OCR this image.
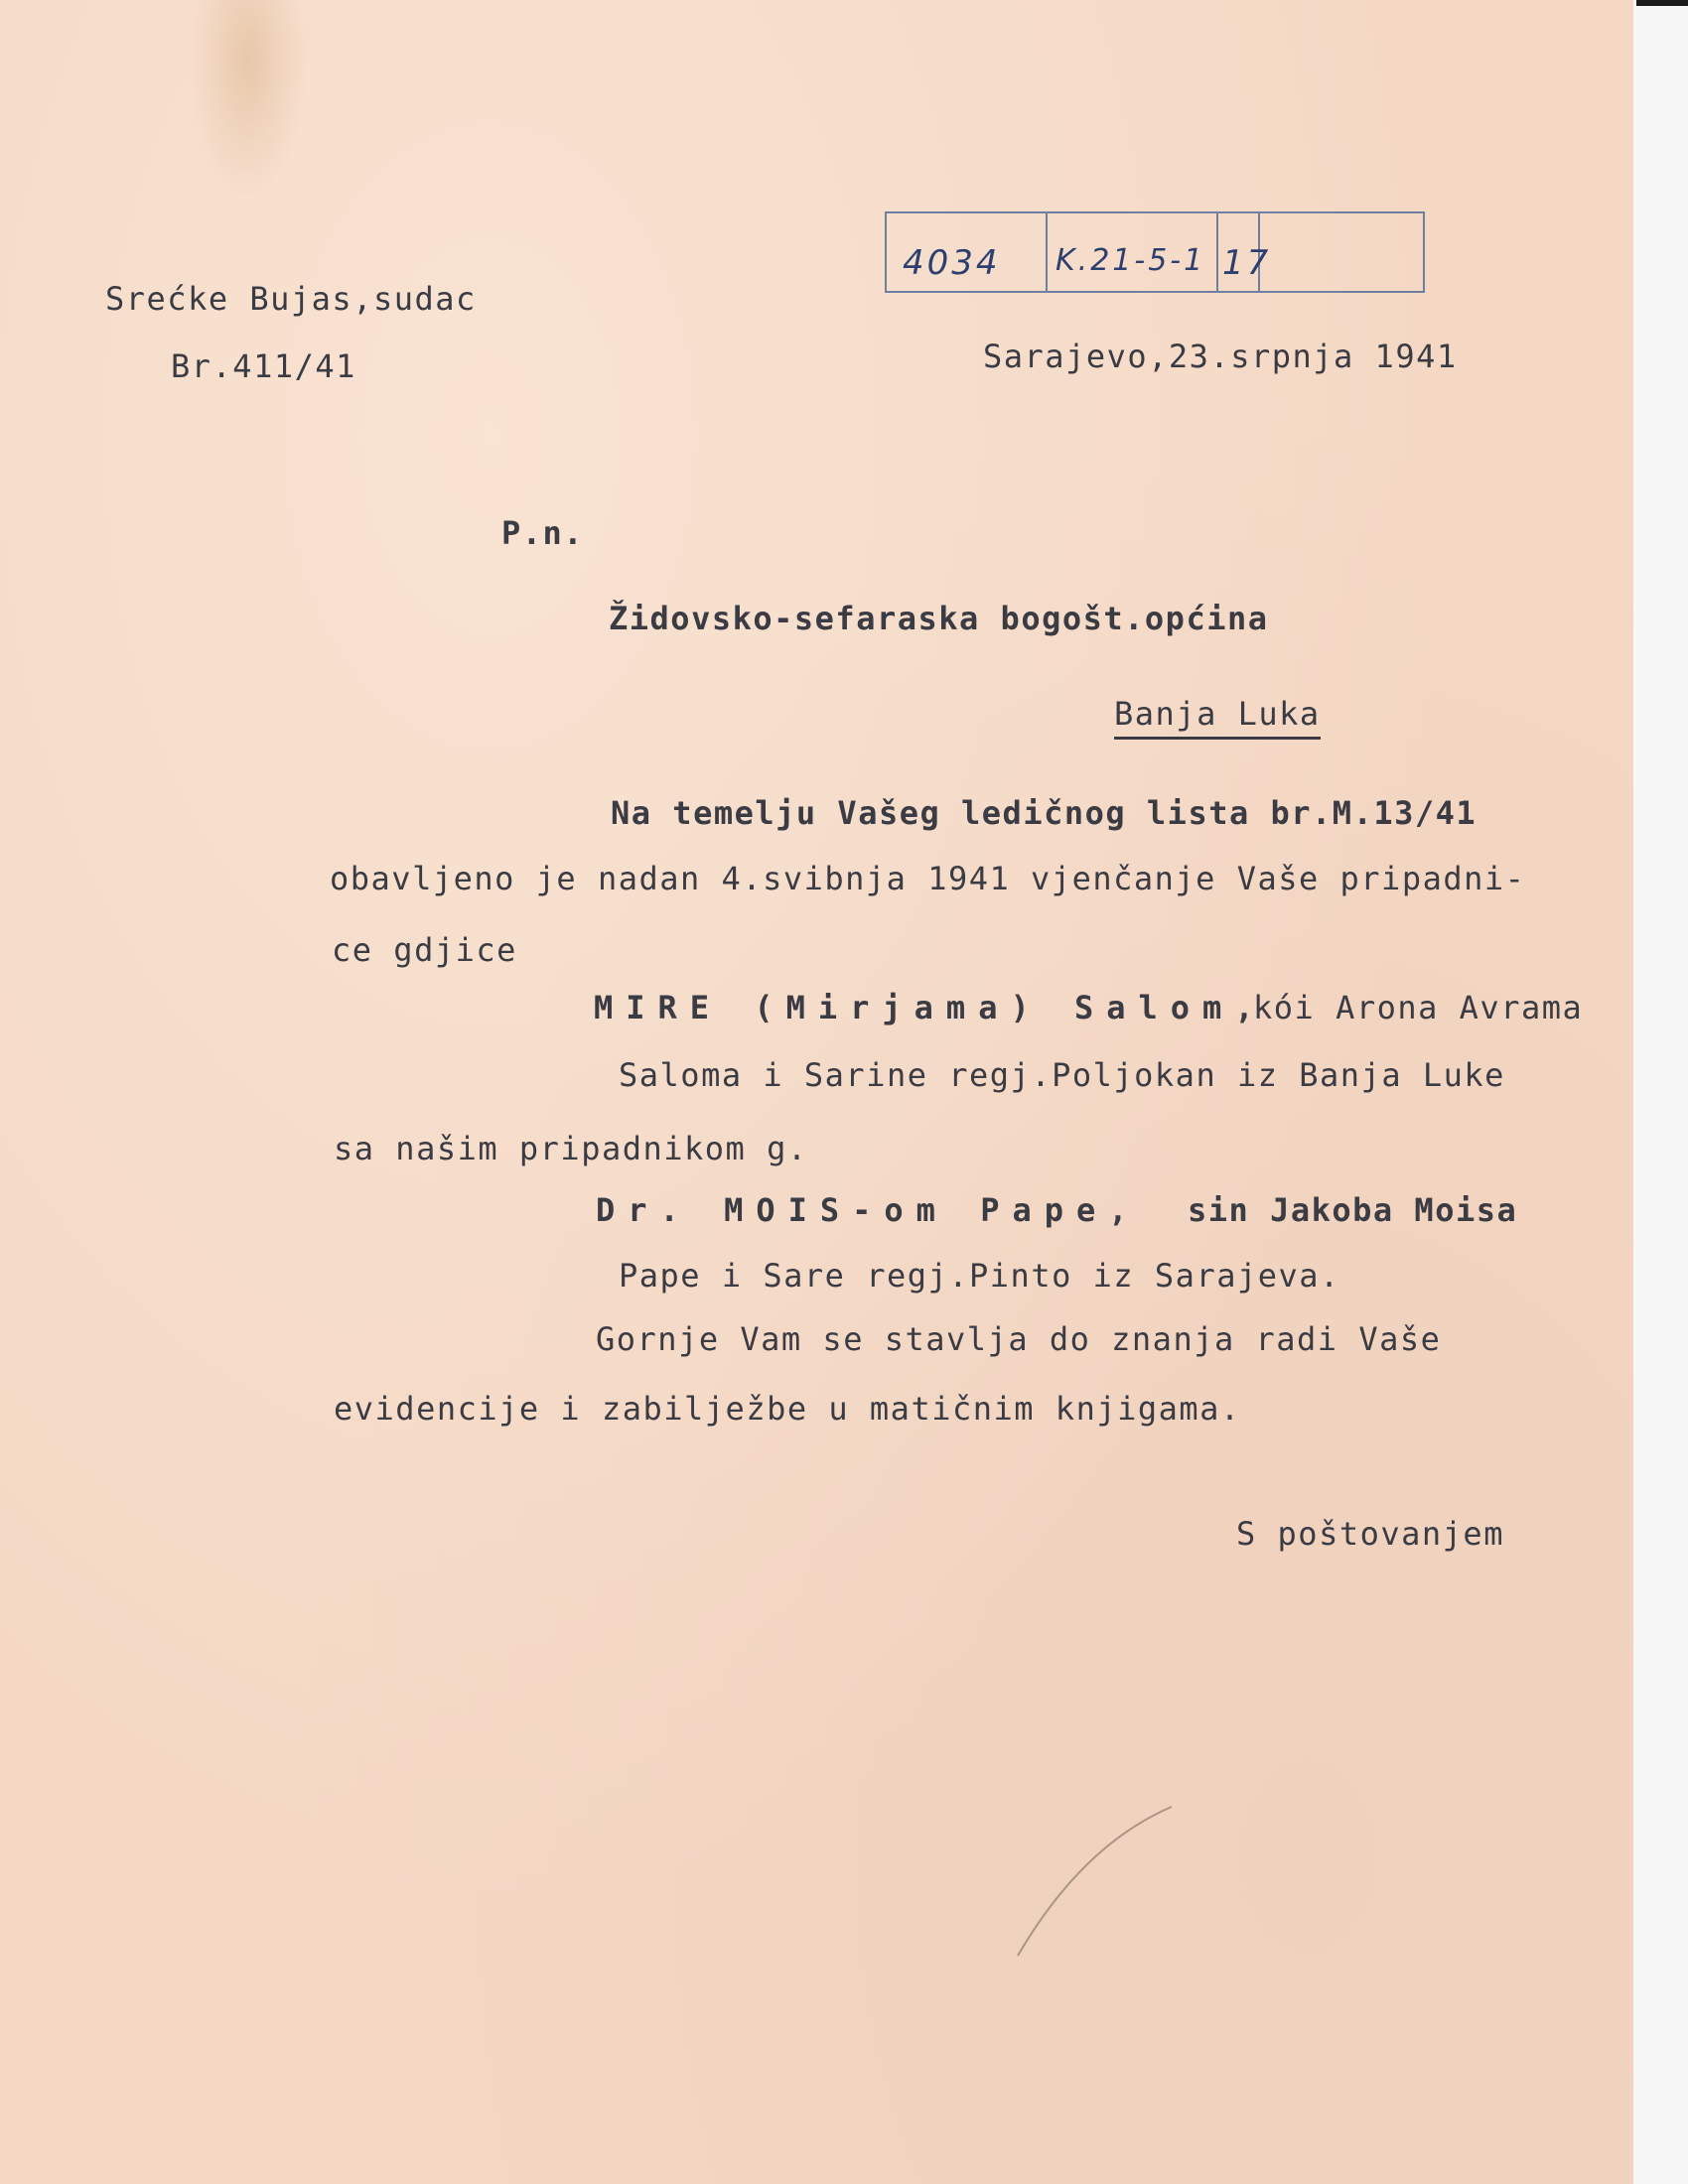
4034 K.21-5-1 17
Srećke Bujas,sudac
Br.411/41	Sarajevo,23.srpnja 1941
P.n.
Židovsko-sefaraska bogošt.općina
Banja Luka
Na temelju Vašeg ledičnog lista br.M.13/41
obavljeno je nadan 4.svibnja 1941 vjenčanje Vaše pripadni-
ce gdjice
MIRE (Mirjama) Salom,
kói Arona Avrama
Saloma i Sarine regj.Poljokan iz Banja Luke
sa našim pripadnikom g.
Dr. MOIS-om Pape, sin Jakoba Moisa
Pape i Sare regj.Pinto iz Sarajeva.
Gornje Vam se stavlja do znanja radi Vaše
evidencije i zabilježbe u matičnim knjigama.
S poštovanjem
